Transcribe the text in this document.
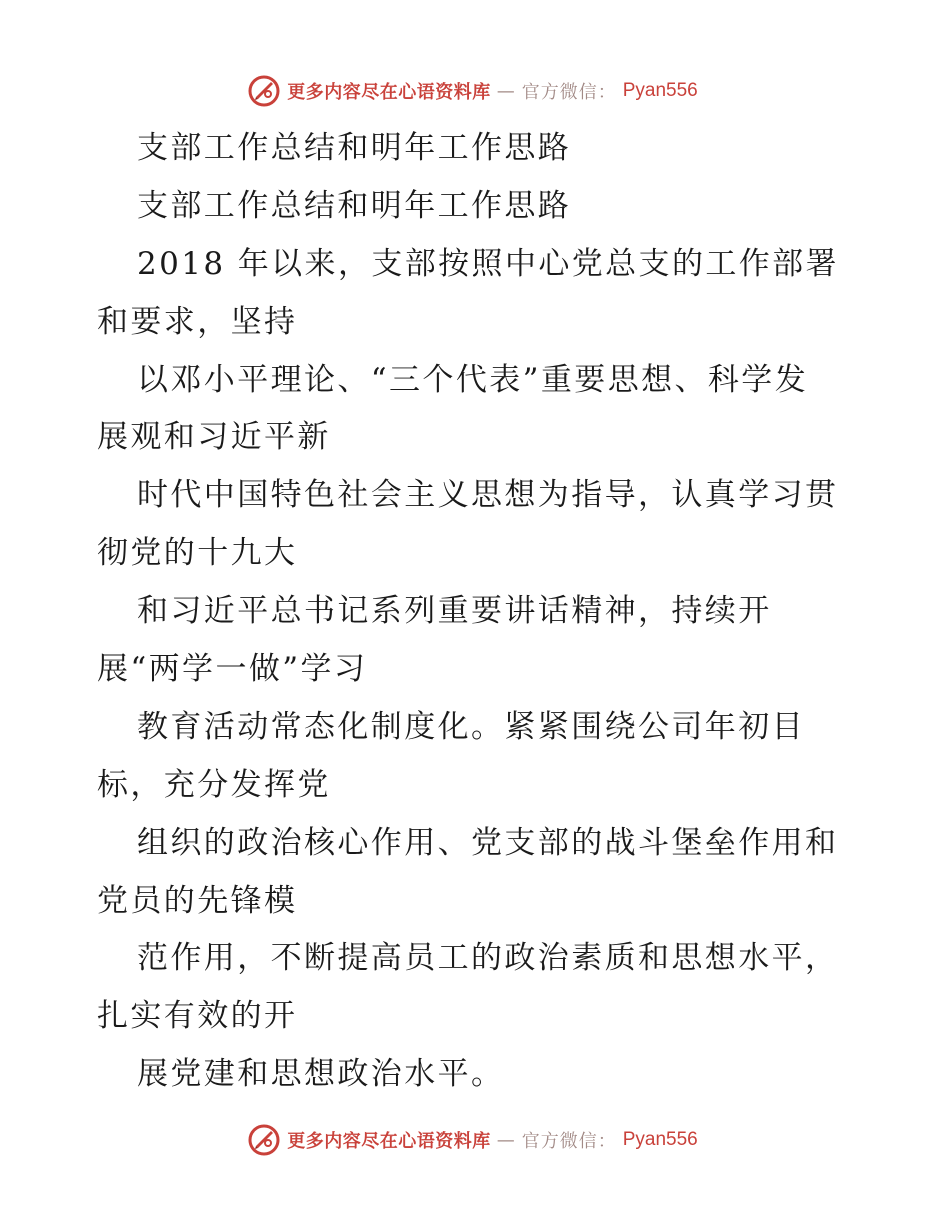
更多内容尽在心语资料库 — 官方微信： Pyan556
支部工作总结和明年工作思路
支部工作总结和明年工作思路
2018 年以来，支部按照中心党总支的工作部署
和要求，坚持
以邓小平理论、“三个代表”重要思想、科学发
展观和习近平新
时代中国特色社会主义思想为指导，认真学习贯
彻党的十九大
和习近平总书记系列重要讲话精神，持续开
展“两学一做”学习
教育活动常态化制度化。紧紧围绕公司年初目
标，充分发挥党
组织的政治核心作用、党支部的战斗堡垒作用和
党员的先锋模
范作用，不断提高员工的政治素质和思想水平，
扎实有效的开
展党建和思想政治水平。
更多内容尽在心语资料库 — 官方微信： Pyan556
